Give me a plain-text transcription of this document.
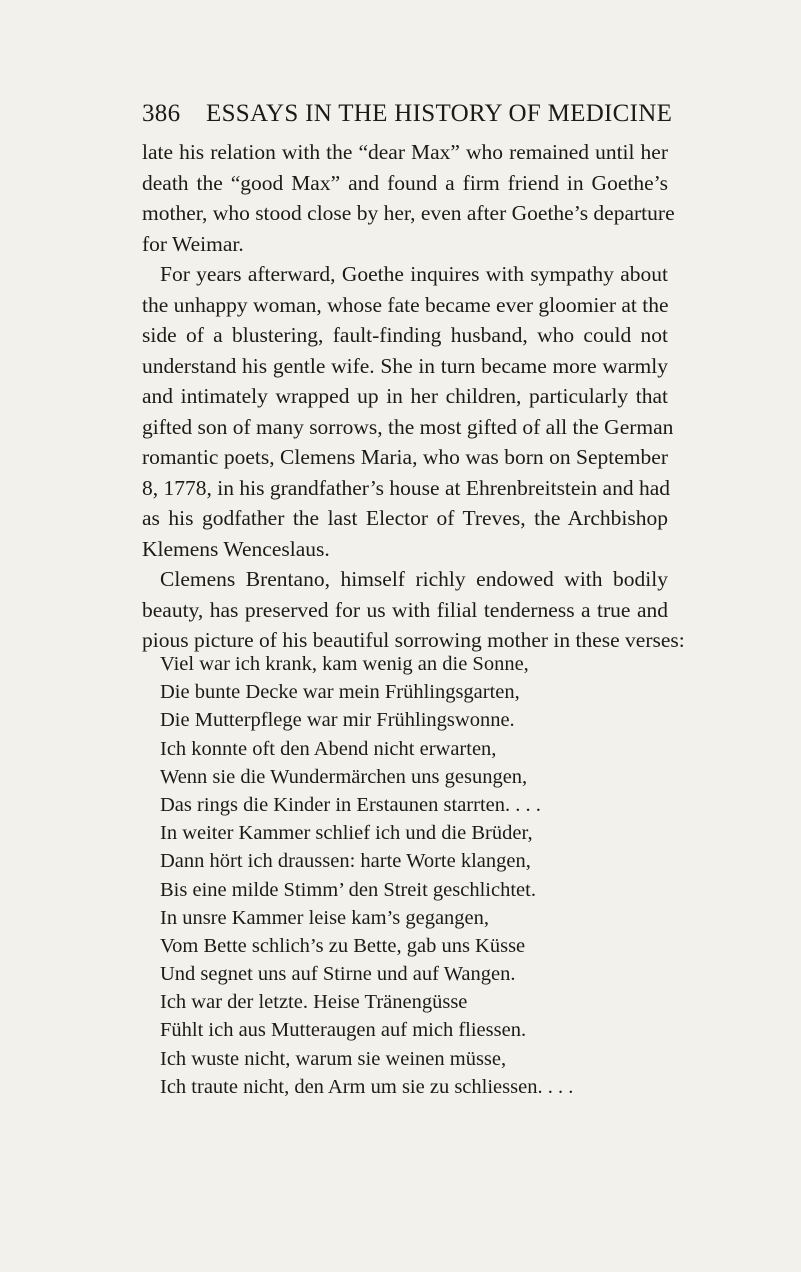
386 ESSAYS IN THE HISTORY OF MEDICINE
late his relation with the “dear Max” who remained until her
death the “good Max” and found a firm friend in Goethe’s
mother, who stood close by her, even after Goethe’s departure
for Weimar.
For years afterward, Goethe inquires with sympathy about
the unhappy woman, whose fate became ever gloomier at the
side of a blustering, fault-finding husband, who could not
understand his gentle wife. She in turn became more warmly
and intimately wrapped up in her children, particularly that
gifted son of many sorrows, the most gifted of all the German
romantic poets, Clemens Maria, who was born on September
8, 1778, in his grandfather’s house at Ehrenbreitstein and had
as his godfather the last Elector of Treves, the Archbishop
Klemens Wenceslaus.
Clemens Brentano, himself richly endowed with bodily
beauty, has preserved for us with filial tenderness a true and
pious picture of his beautiful sorrowing mother in these verses:
Viel war ich krank, kam wenig an die Sonne,
Die bunte Decke war mein Frühlingsgarten,
Die Mutterpflege war mir Frühlingswonne.
Ich konnte oft den Abend nicht erwarten,
Wenn sie die Wundermärchen uns gesungen,
Das rings die Kinder in Erstaunen starrten. . . .
In weiter Kammer schlief ich und die Brüder,
Dann hört ich draussen: harte Worte klangen,
Bis eine milde Stimm’ den Streit geschlichtet.
In unsre Kammer leise kam’s gegangen,
Vom Bette schlich’s zu Bette, gab uns Küsse
Und segnet uns auf Stirne und auf Wangen.
Ich war der letzte. Heise Tränengüsse
Fühlt ich aus Mutteraugen auf mich fliessen.
Ich wuste nicht, warum sie weinen müsse,
Ich traute nicht, den Arm um sie zu schliessen. . . .
